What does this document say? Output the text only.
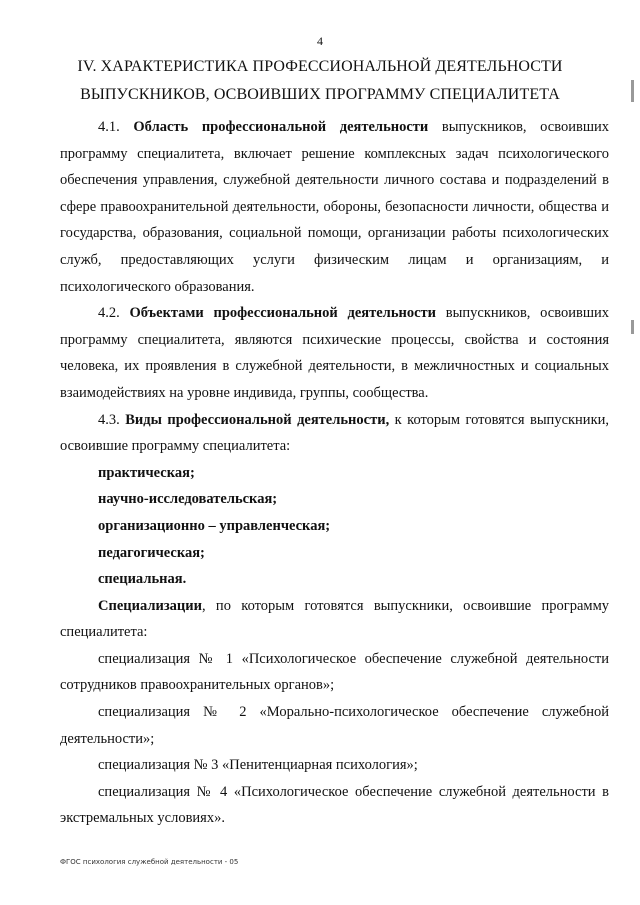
4
IV. ХАРАКТЕРИСТИКА ПРОФЕССИОНАЛЬНОЙ ДЕЯТЕЛЬНОСТИ
ВЫПУСКНИКОВ, ОСВОИВШИХ ПРОГРАММУ СПЕЦИАЛИТЕТА

4.1. Область профессиональной деятельности выпускников, освоивших программу специалитета, включает решение комплексных задач психологического обеспечения управления, служебной деятельности личного состава и подразделений в сфере правоохранительной деятельности, обороны, безопасности личности, общества и государства, образования, социальной помощи, организации работы психологических служб, предоставляющих услуги физическим лицам и организациям, и психологического образования.

4.2. Объектами профессиональной деятельности выпускников, освоивших программу специалитета, являются психические процессы, свойства и состояния человека, их проявления в служебной деятельности, в межличностных и социальных взаимодействиях на уровне индивида, группы, сообщества.

4.3. Виды профессиональной деятельности, к которым готовятся выпускники, освоившие программу специалитета:

практическая;

научно-исследовательская;

организационно – управленческая;

педагогическая;

специальная.

Специализации, по которым готовятся выпускники, освоившие программу специалитета:

специализация № 1 «Психологическое обеспечение служебной деятельности сотрудников правоохранительных органов»;

специализация № 2 «Морально-психологическое обеспечение служебной деятельности»;

специализация № 3 «Пенитенциарная психология»;

специализация № 4 «Психологическое обеспечение служебной деятельности в экстремальных условиях».

ФГОС психология служебной деятельности - 05
